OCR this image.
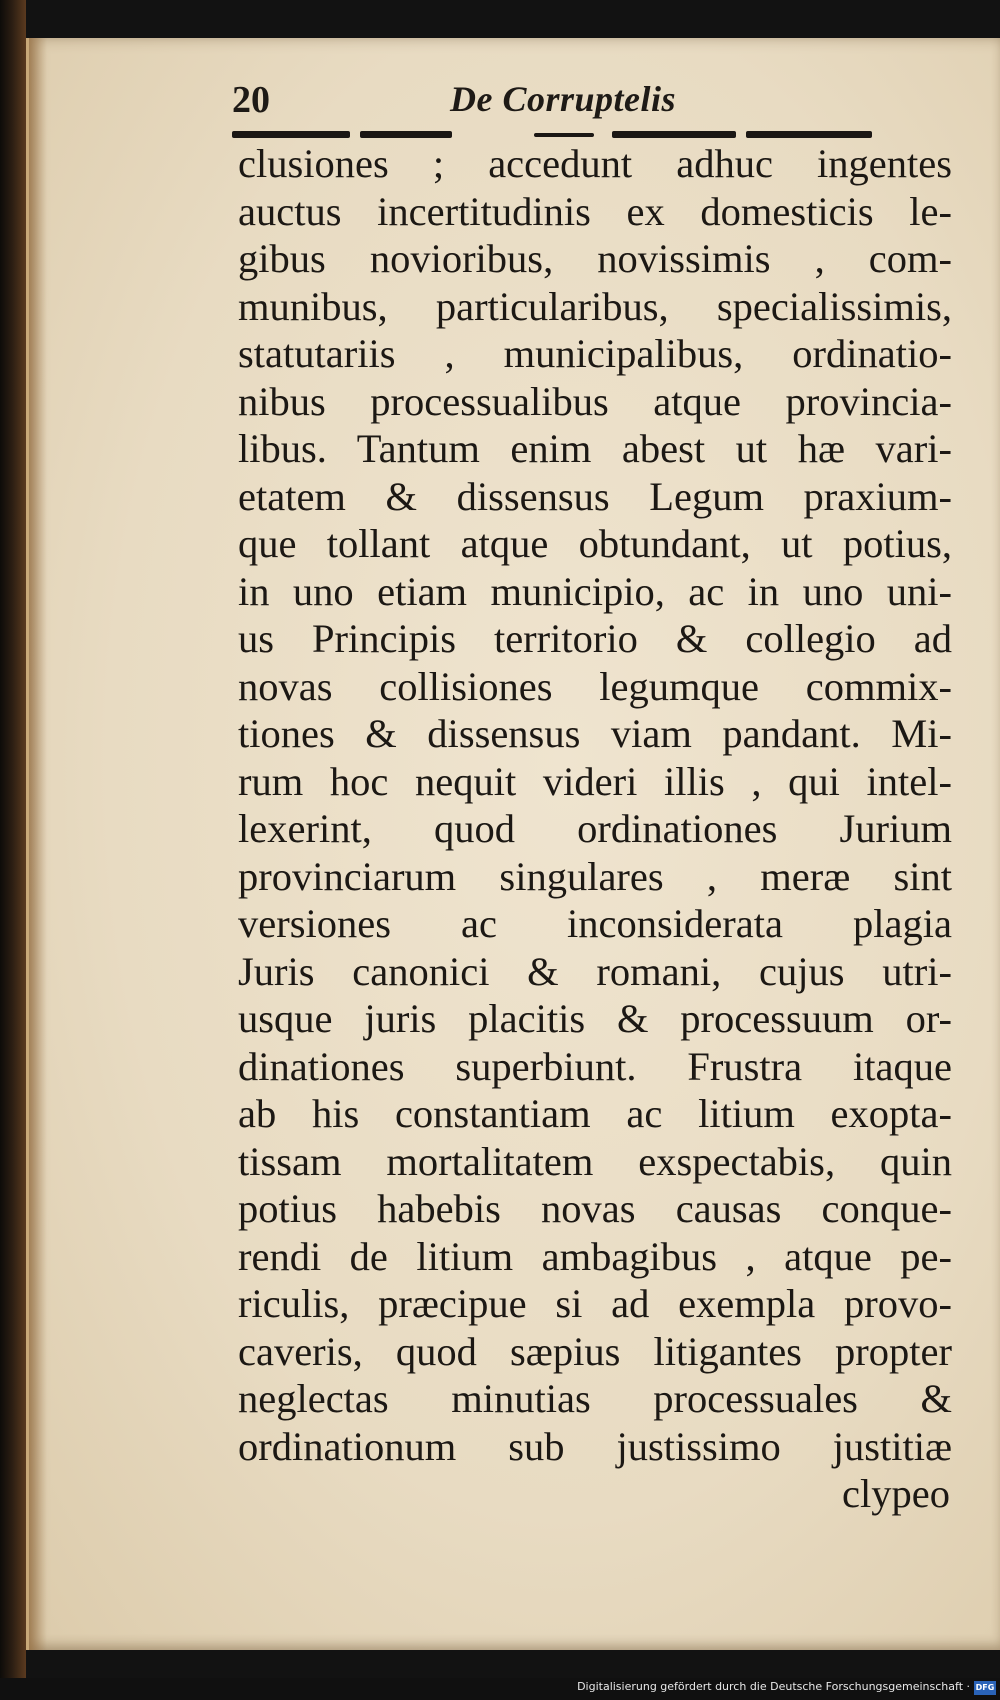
20	De Corruptelis
clusiones ; accedunt adhuc ingentes
auctus incertitudinis ex domesticis le-
gibus novioribus, novissimis , com-
munibus, particularibus, specialissimis,
statutariis , municipalibus, ordinatio-
nibus processualibus atque provincia-
libus. Tantum enim abest ut hæ vari-
etatem & dissensus Legum praxium-
que tollant atque obtundant, ut potius,
in uno etiam municipio, ac in uno uni-
us Principis territorio & collegio ad
novas collisiones legumque commix-
tiones & dissensus viam pandant. Mi-
rum hoc nequit videri illis , qui intel-
lexerint, quod ordinationes Jurium
provinciarum singulares , meræ sint
versiones ac inconsiderata plagia
Juris canonici & romani, cujus utri-
usque juris placitis & processuum or-
dinationes superbiunt. Frustra itaque
ab his constantiam ac litium exopta-
tissam mortalitatem exspectabis, quin
potius habebis novas causas conque-
rendi de litium ambagibus , atque pe-
riculis, præcipue si ad exempla provo-
caveris, quod sæpius litigantes propter
neglectas minutias processuales &
ordinationum sub justissimo justitiæ
clypeo
Digitalisierung gefördert durch die Deutsche Forschungsgemeinschaft · DFG
